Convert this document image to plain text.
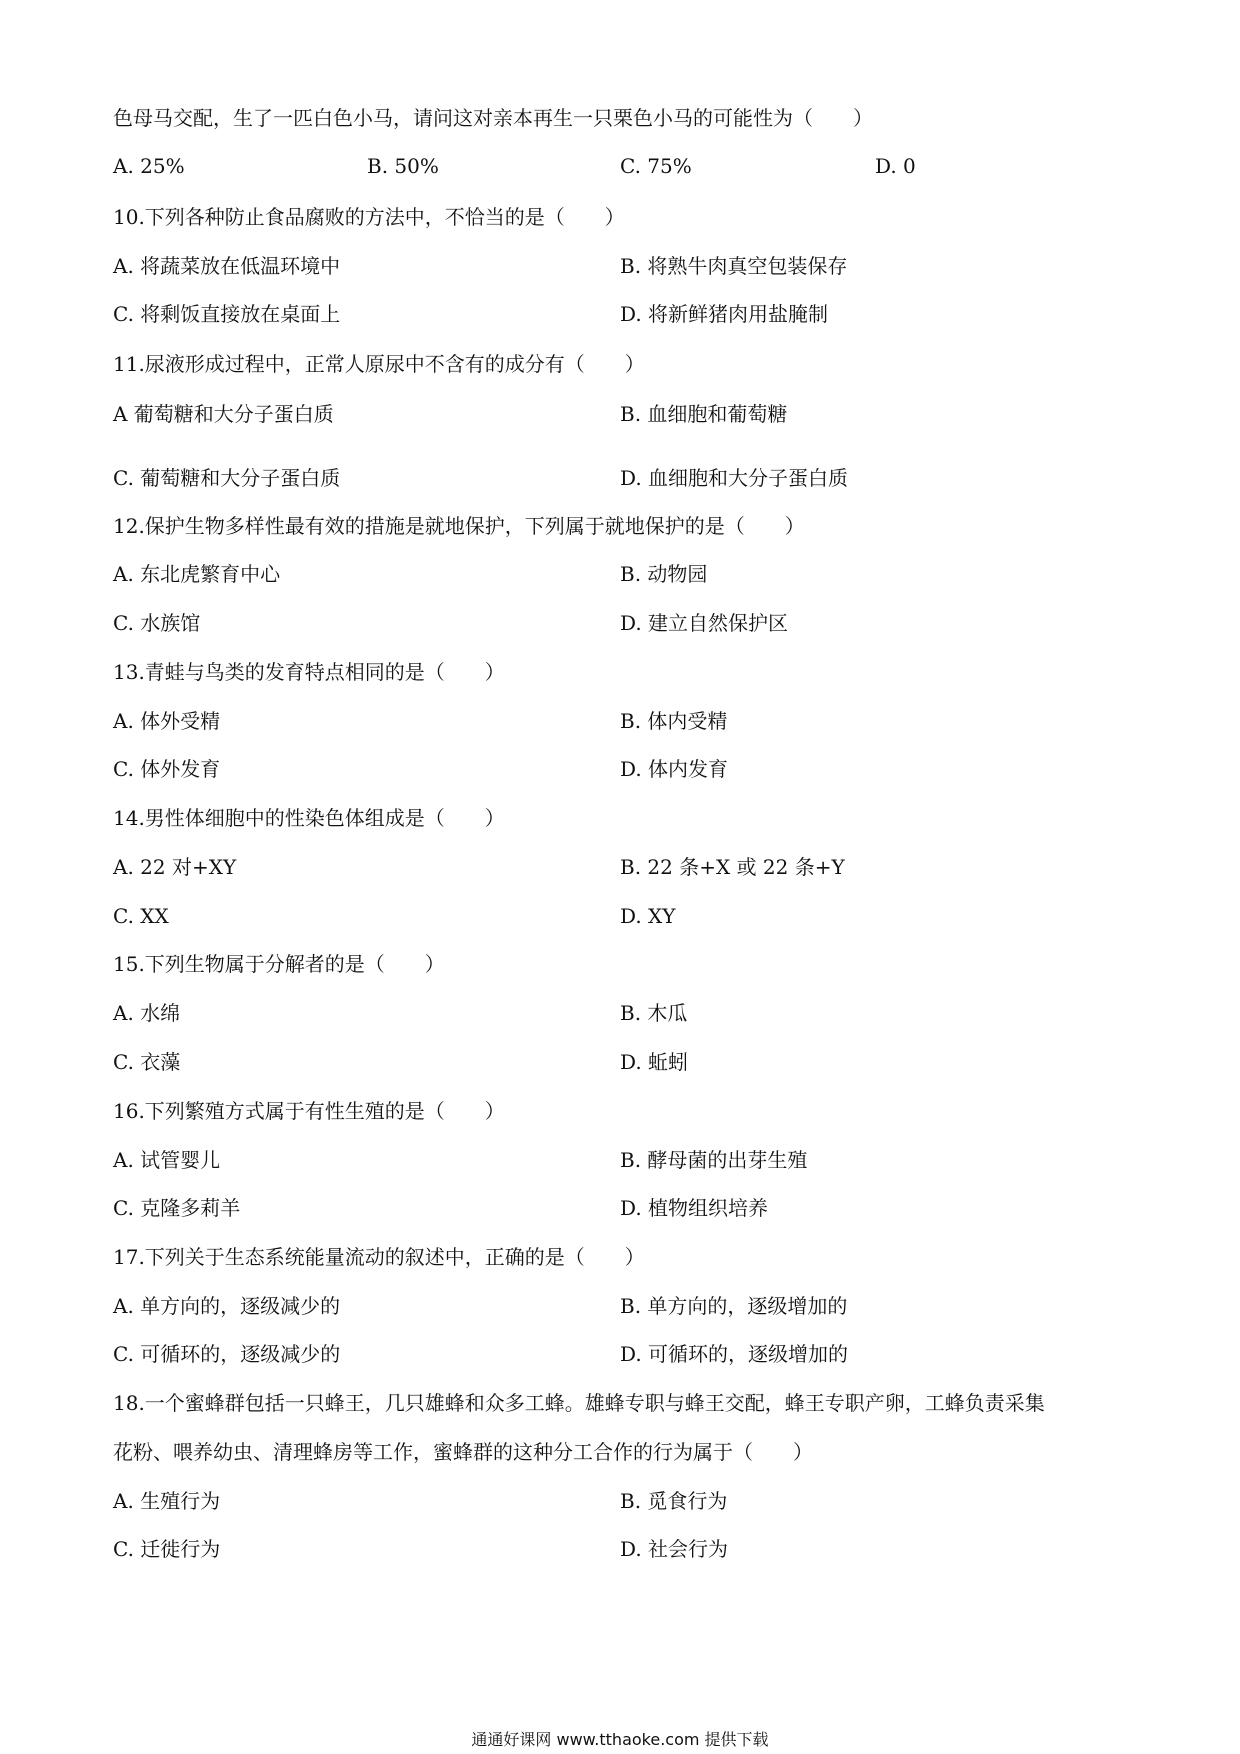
色母马交配，生了一匹白色小马，请问这对亲本再生一只栗色小马的可能性为（　　）
A. 25%	B. 50%	C. 75%	D. 0
10.下列各种防止食品腐败的方法中，不恰当的是（　　）
A. 将蔬菜放在低温环境中	B. 将熟牛肉真空包装保存
C. 将剩饭直接放在桌面上	D. 将新鲜猪肉用盐腌制
11.尿液形成过程中，正常人原尿中不含有的成分有（　　）
A 葡萄糖和大分子蛋白质	B. 血细胞和葡萄糖
C. 葡萄糖和大分子蛋白质	D. 血细胞和大分子蛋白质
12.保护生物多样性最有效的措施是就地保护，下列属于就地保护的是（　　）
A. 东北虎繁育中心	B. 动物园
C. 水族馆	D. 建立自然保护区
13.青蛙与鸟类的发育特点相同的是（　　）
A. 体外受精	B. 体内受精
C. 体外发育	D. 体内发育
14.男性体细胞中的性染色体组成是（　　）
A. 22 对+XY	B. 22 条+X 或 22 条+Y
C. XX	D. XY
15.下列生物属于分解者的是（　　）
A. 水绵	B. 木瓜
C. 衣藻	D. 蚯蚓
16.下列繁殖方式属于有性生殖的是（　　）
A. 试管婴儿	B. 酵母菌的出芽生殖
C. 克隆多莉羊	D. 植物组织培养
17.下列关于生态系统能量流动的叙述中，正确的是（　　）
A. 单方向的，逐级减少的	B. 单方向的，逐级增加的
C. 可循环的，逐级减少的	D. 可循环的，逐级增加的
18.一个蜜蜂群包括一只蜂王，几只雄蜂和众多工蜂。雄蜂专职与蜂王交配，蜂王专职产卵，工蜂负责采集
花粉、喂养幼虫、清理蜂房等工作，蜜蜂群的这种分工合作的行为属于（　　）
A. 生殖行为	B. 觅食行为
C. 迁徙行为	D. 社会行为
通通好课网 www.tthaoke.com 提供下载
